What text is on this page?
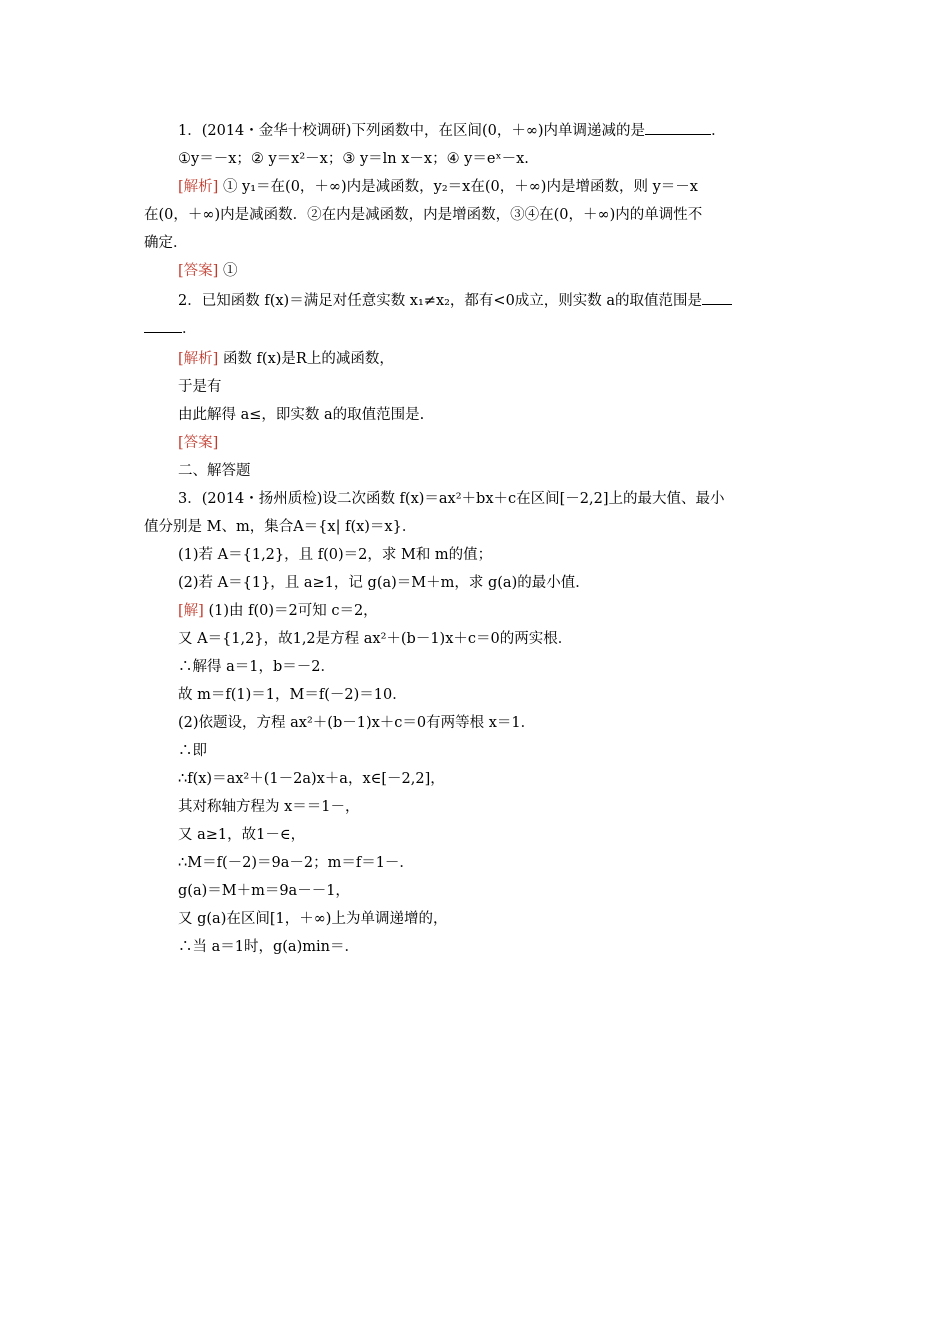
1．(2014・金华十校调研)下列函数中，在区间(0，＋∞)内单调递减的是	．
①y＝－x；② y＝x²－x；③ y＝ln x－x；④ y＝eˣ－x.
[解析] ① y₁＝在(0，＋∞)内是减函数，y₂＝x在(0，＋∞)内是增函数，则 y＝－x
在(0，＋∞)内是减函数．②在内是减函数，内是增函数，③④在(0，＋∞)内的单调性不
确定．
[答案] ①
2．已知函数 f(x)＝满足对任意实数 x₁≠x₂，都有<0成立，则实数 a的取值范围是
．
[解析] 函数 f(x)是R上的减函数，
于是有
由此解得 a≤，即实数 a的取值范围是.
[答案]
二、解答题
3．(2014・扬州质检)设二次函数 f(x)＝ax²＋bx＋c在区间[－2,2]上的最大值、最小
值分别是 M、m，集合A＝{x| f(x)＝x}．
(1)若 A＝{1,2}，且 f(0)＝2，求 M和 m的值；
(2)若 A＝{1}，且 a≥1，记 g(a)＝M＋m，求 g(a)的最小值．
[解] (1)由 f(0)＝2可知 c＝2，
又 A＝{1,2}，故1,2是方程 ax²＋(b－1)x＋c＝0的两实根．
∴解得 a＝1，b＝－2．
故 m＝f(1)＝1，M＝f(－2)＝10．
(2)依题设，方程 ax²＋(b－1)x＋c＝0有两等根 x＝1．
∴即
∴f(x)＝ax²＋(1－2a)x＋a，x∈[－2,2]，
其对称轴方程为 x＝＝1－，
又 a≥1，故1－∈，
∴M＝f(－2)＝9a－2；m＝f＝1－．
g(a)＝M＋m＝9a－－1，
又 g(a)在区间[1，＋∞)上为单调递增的，
∴当 a＝1时，g(a)min＝．
